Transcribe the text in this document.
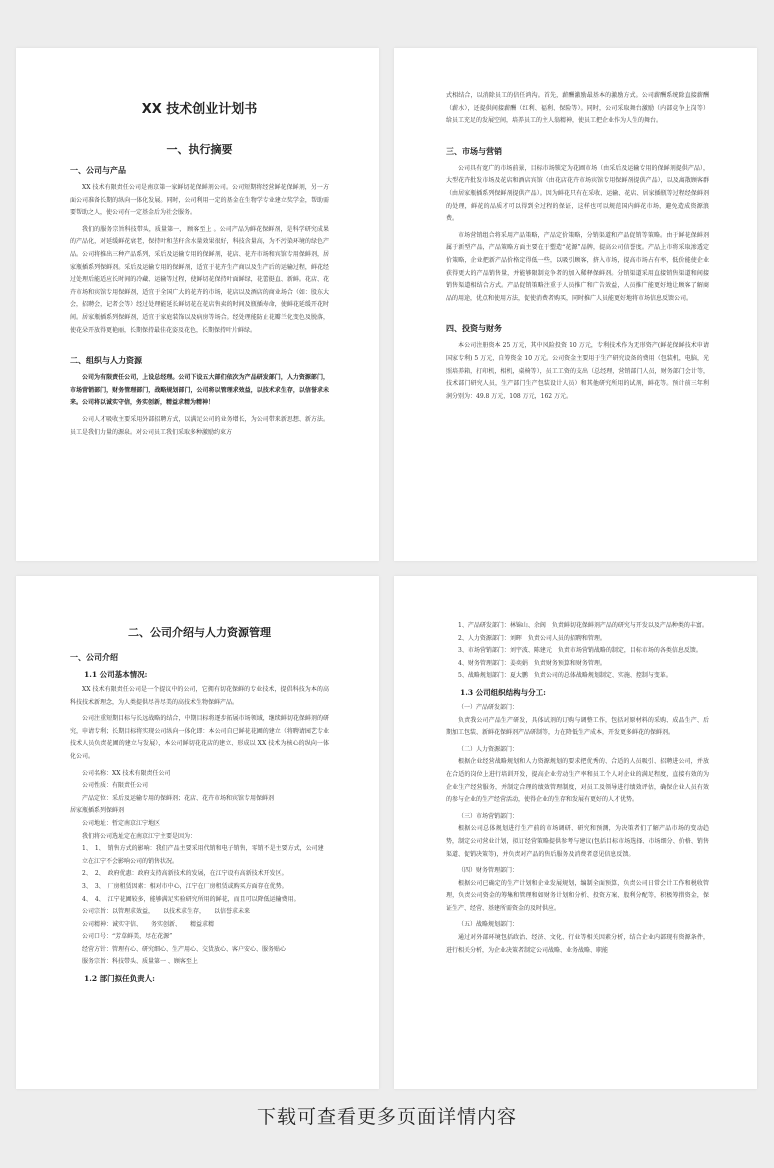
XX 技术创业计划书
一、执行摘要
一、公司与产品

XX 技术有限责任公司是南京第一家鲜切花保鲜剂公司。公司短期将经营鲜花保鲜剂，另一方面公司准备长期的纵向一体化发展。同时，公司利用一定的基金在生物学专业建立奖学金，帮助需要帮助之人，使公司有一定基金后为社会服务。

我们的服务宗旨科技带头，质量第一， 顾客至上 。公司产品为鲜花保鲜剂，是科学研究成果的产品化，对延缓鲜花衰老，保持叶和茎秆含水量效果很好，科技含量高，为不污染环境的绿色产品。公司将推出三种产品系列，采后及运输专用的保鲜剂，花店、花卉市场和宾馆专用保鲜剂，居家瓶插系列保鲜剂。采后及运输专用的保鲜剂，适宜于花卉生产商以及生产后的运输过程，鲜花经过处理后能适应长时间的冷藏、运输等过程，使鲜切花保持叶面鲜绿，花蕾挺直、新鲜。花店、花卉市场和宾馆专用保鲜剂，适宜于全国广大的花卉的市场，花店以及酒店的商业场合（如：股东大会，招聘会，记者会等）经过处理能延长鲜切花在花店售卖的时间及瓶插寿命，使鲜花延缓开花时间。居家瓶插系列保鲜剂，适宜于家庭装饰以及病房等场合。经处理能防止花瓣兰化变色及脱落，使花朵开放得更艳丽，长期保持最佳花姿及花色，长期保持叶片鲜绿。

二、组织与人力资源

公司为有限责任公司，上设总经理。公司下设五大部们依次为产品研发部门，人力资源部门，市场营销部门，财务管理部门，战略规划部门，公司将以管理求效益，以技术求生存，以信誉求未来。公司将以诚实守信，务实创新，精益求精为精神！

公司人才吸收主要采用外部招聘方式，以满足公司的业务增长，为公司带来新思想、新方法。员工是我们力量的源泉。对公司员工我们采取多种激励约束方

式相结合，以消除员工的信任鸿沟。首先，薪酬激励最基本的激励方式。公司薪酬系统除直接薪酬（薪水），还提供间接薪酬（红利、福利、保险等）。同时，公司采取舞台激励（内部竞争上岗等）给员工充足的发展空间，培养员工的主人翁精神，使员工把企业作为人生的舞台。

三、市场与营销

公司具有宽广的市场前景，目标市场锁定为花圃市场（由采后及运输专用的保鲜剂提供产品），大型花卉批发市场及花店和酒店宾馆（由花店花卉市场宾馆专用保鲜剂提供产品），以及离散顾客群（由居家瓶插系列保鲜剂提供产品）。因为鲜花只有在采收、运输、花店、居家插瓶等过程经保鲜剂的处理，鲜花的品质才可以得到全过程的保证，这样也可以规范国内鲜花市场，避免造成资源浪费。

市场营销组合将采用产品策略，产品定价策略，分销渠道和产品促销等策略。由于鲜花保鲜剂属于新型产品，产品策略方面主要在于塑造“花源”品牌，提高公司信誉度。产品上市将采取渗透定价策略，企业把新产品价格定得低一些，以吸引顾客，挤入市场，提高市场占有率，低价能使企业获得更大的产品销售量，并能够限制竞争者的加入稀释保鲜剂。分销渠道采用直接销售渠道和间接销售渠道相结合方式。产品促销策略注重于人员推广和广告效益，人员推广能更好地让顾客了解商品的用途，优点和使用方法，促使消费者购买，同时推广人员能更好地将市场信息反馈公司。

四、投资与财务

本公司注册资本 25 万元，其中风险投资 10 万元，专利技术作为无形资产(鲜花保鲜技术申请国家专利) 5 万元，自筹资金 10 万元。公司资金主要用于生产研究设备的费用（包装机，电脑，光照培养箱，打印机，相机，桌椅等），员工工资的支出（总经理，营销部门人员，财务部门会计等，技术部门研究人员，生产部门生产包装设计人员）和其他研究所用的试剂，鲜花等。预计前三年利润分别为：49.8 万元，108 万元，162 万元。

二、公司介绍与人力资源管理
一、公司介绍
1.1 公司基本情况:

XX 技术有限责任公司是一个提议中的公司，它拥有切花保鲜的专业技术，提倡科技为本的高科技技术新理念，为人类提供尽善尽美的高技术生物保鲜产品。

公司注重短期目标与长远战略的结合，中期目标将逐步拓展市场领域，继续鲜切花保鲜剂的研究，申请专利；长期目标将实现公司纵向一体化即：本公司自已鲜花花圃的建立（将聘请园艺专业技术人员负责花圃的建立与发展），本公司鲜切花花店的建立、形成以 XX 技术为核心的纵向一体化公司。

公司名称：XX 技术有限责任公司
公司性质：有限责任公司
产品定位：采后及运输专用的保鲜剂；花店、花卉市场和宾馆专用保鲜剂
居家瓶插系列保鲜剂
公司地址：暂定南京江宁地区
我们将公司选址定在南京江宁主要是因为：
1、　1、　销售方式的影响：我们产品主要采用代销和电子销售，零销不是主要方式，公司建立在江宁不会影响公司的销售状况。
2、　2、　政府优惠：政府支持高新技术的发展，在江宁设有高新技术开发区。
3、　3、　厂房租赁因素：相对市中心，江宁在厂房租赁或购买方面存在优势。
4、　4、　江宁花圃较多，能够满足实验研究所用的鲜花，而且可以降低运输费用。
公司宗旨：以管理求效益，　　以技术求生存，　　以信誉求未来
公司精神：诚实守信、　　务实创新、　　精益求精
公司口号：“芳草鲜美，尽在花源”
经营方针：管理有心、研究细心、生产用心、交货放心、客户安心、服务贴心
服务宗旨：科技带头、质量第一 、顾客至上
1.2 部门拟任负责人:
1、产品研发部门：林锦山、余阆　负责鲜切花保鲜剂产品的研究与开发以及产品种类的丰富。
2、人力资源部门：刘晖　负责公司人员的招聘和管理。
3、市场营销部门：刘宇波、陈建元　负责市场营销战略的制定，目标市场的各类信息反馈。
4、财务管理部门：姜奕娟　负责财务预算和财务管理。
5、战略规划部门：夏大鹏　负责公司的总体战略规划制定、实施、控制与变革。
1.3 公司组织结构与分工:
（一）产品研发部门：

负责我公司产品生产研发，具体试剂的订购与调整工作，包括对原材料的采购、成品生产、后期加工包装、新鲜花保鲜剂产品研制等，力在降低生产成本，开发更多鲜花的保鲜剂。

（二）人力资源部门：

根据企业经营战略规划和人力资源规划的要求把优秀的、合适的人员吸引、招聘进公司，并放在合适的岗位上进行培训开发，提高企业劳动生产率和员工个人对企业的满足程度，直接有效的为企业生产经营服务，并制定合理的绩效管理制度，对员工及领导进行绩效评估，确保企业人员有效的参与企业的生产经营活动，使得企业的生存和发展有更好的人才优势。

（三）市场营销部门：

根据公司总体规划进行生产前的市场调研、研究和预测，为决策者们了解产品市场的变动趋势，制定公司营业计划，拟订经营策略提供参考与建议(包括目标市场选择、市场细分、价格、销售渠道、促销决策等)，并负责对产品的售后服务及消费者意见信息反馈。

（四）财务管理部门：

根据公司已确定的生产计划和企业发展规划，编制全面预算，负责公司日常会计工作和税收管理，负责公司资金的筹集和管理和如财务计划和分析、投资方案、股利分配等，积极筹措资金，保证生产、经营、基建所需资金的及时供应。

（五）战略规划部门：

通过对外部环境包括政治、经济、文化、行业等相关因素分析，结合企业内部现有资源条件，进行相关分析，为企业决策者制定公司战略、业务战略、职能

下载可查看更多页面详情内容
